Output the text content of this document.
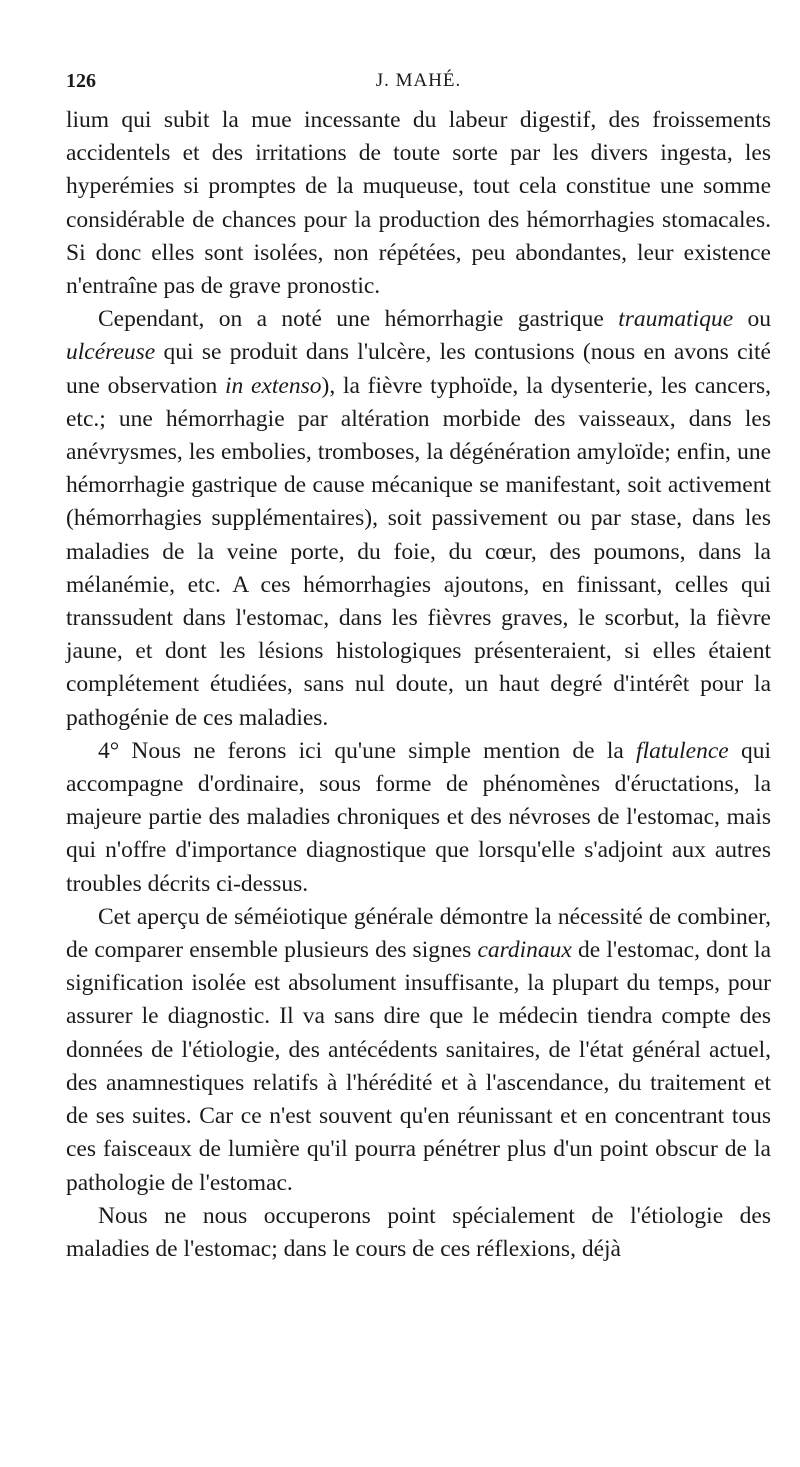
126	J. MAHÉ.

lium qui subit la mue incessante du labeur digestif, des froissements accidentels et des irritations de toute sorte par les divers ingesta, les hyperémies si promptes de la muqueuse, tout cela constitue une somme considérable de chances pour la production des hémorrhagies stomacales. Si donc elles sont isolées, non répétées, peu abondantes, leur existence n'entraîne pas de grave pronostic.

Cependant, on a noté une hémorrhagie gastrique traumatique ou ulcéreuse qui se produit dans l'ulcère, les contusions (nous en avons cité une observation in extenso), la fièvre typhoïde, la dysenterie, les cancers, etc.; une hémorrhagie par altération morbide des vaisseaux, dans les anévrysmes, les embolies, tromboses, la dégénération amyloïde; enfin, une hémorrhagie gastrique de cause mécanique se manifestant, soit activement (hémorrhagies supplémentaires), soit passivement ou par stase, dans les maladies de la veine porte, du foie, du cœur, des poumons, dans la mélanémie, etc. A ces hémorrhagies ajoutons, en finissant, celles qui transsudent dans l'estomac, dans les fièvres graves, le scorbut, la fièvre jaune, et dont les lésions histologiques présenteraient, si elles étaient complétement étudiées, sans nul doute, un haut degré d'intérêt pour la pathogénie de ces maladies.

4° Nous ne ferons ici qu'une simple mention de la flatulence qui accompagne d'ordinaire, sous forme de phénomènes d'éructations, la majeure partie des maladies chroniques et des névroses de l'estomac, mais qui n'offre d'importance diagnostique que lorsqu'elle s'adjoint aux autres troubles décrits ci-dessus.

Cet aperçu de séméiotique générale démontre la nécessité de combiner, de comparer ensemble plusieurs des signes cardinaux de l'estomac, dont la signification isolée est absolument insuffisante, la plupart du temps, pour assurer le diagnostic. Il va sans dire que le médecin tiendra compte des données de l'étiologie, des antécédents sanitaires, de l'état général actuel, des anamnestiques relatifs à l'hérédité et à l'ascendance, du traitement et de ses suites. Car ce n'est souvent qu'en réunissant et en concentrant tous ces faisceaux de lumière qu'il pourra pénétrer plus d'un point obscur de la pathologie de l'estomac.

Nous ne nous occuperons point spécialement de l'étiologie des maladies de l'estomac; dans le cours de ces réflexions, déjà
